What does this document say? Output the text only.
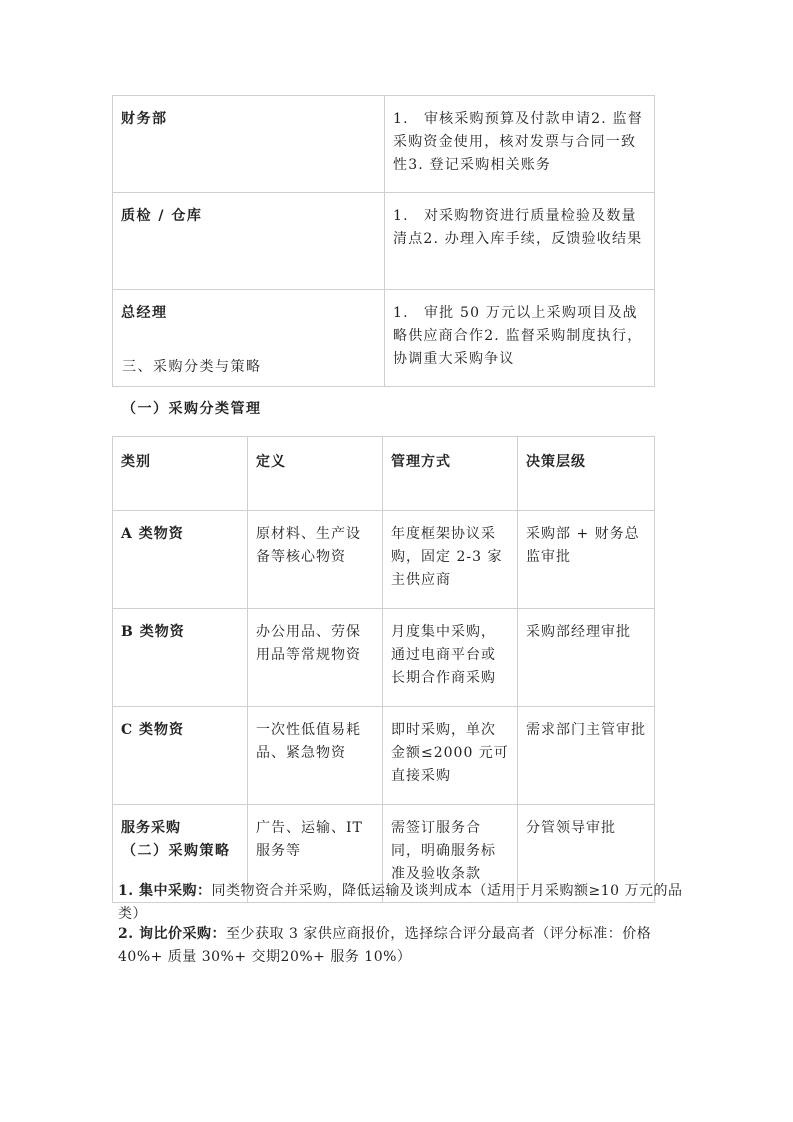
财务部	1.　审核采购预算及付款申请2. 监督采购资金使用，核对发票与合同一致性3. 登记采购相关账务
质检 / 仓库	1.　对采购物资进行质量检验及数量清点2. 办理入库手续，反馈验收结果
总经理	1.　审批 50 万元以上采购项目及战略供应商合作2. 监督采购制度执行，协调重大采购争议
三、采购分类与策略
（一）采购分类管理
类别	定义	管理方式	决策层级
A 类物资	原材料、生产设备等核心物资	年度框架协议采购，固定 2-3 家主供应商	采购部 + 财务总监审批
B 类物资	办公用品、劳保用品等常规物资	月度集中采购，通过电商平台或长期合作商采购	采购部经理审批
C 类物资	一次性低值易耗品、紧急物资	即时采购，单次金额≤2000 元可直接采购	需求部门主管审批
服务采购	广告、运输、IT 服务等	需签订服务合同，明确服务标准及验收条款	分管领导审批
（二）采购策略
1. 集中采购：同类物资合并采购，降低运输及谈判成本（适用于月采购额≥10 万元的品类）
2. 询比价采购：至少获取 3 家供应商报价，选择综合评分最高者（评分标准：价格 40%+ 质量 30%+ 交期20%+ 服务 10%）
